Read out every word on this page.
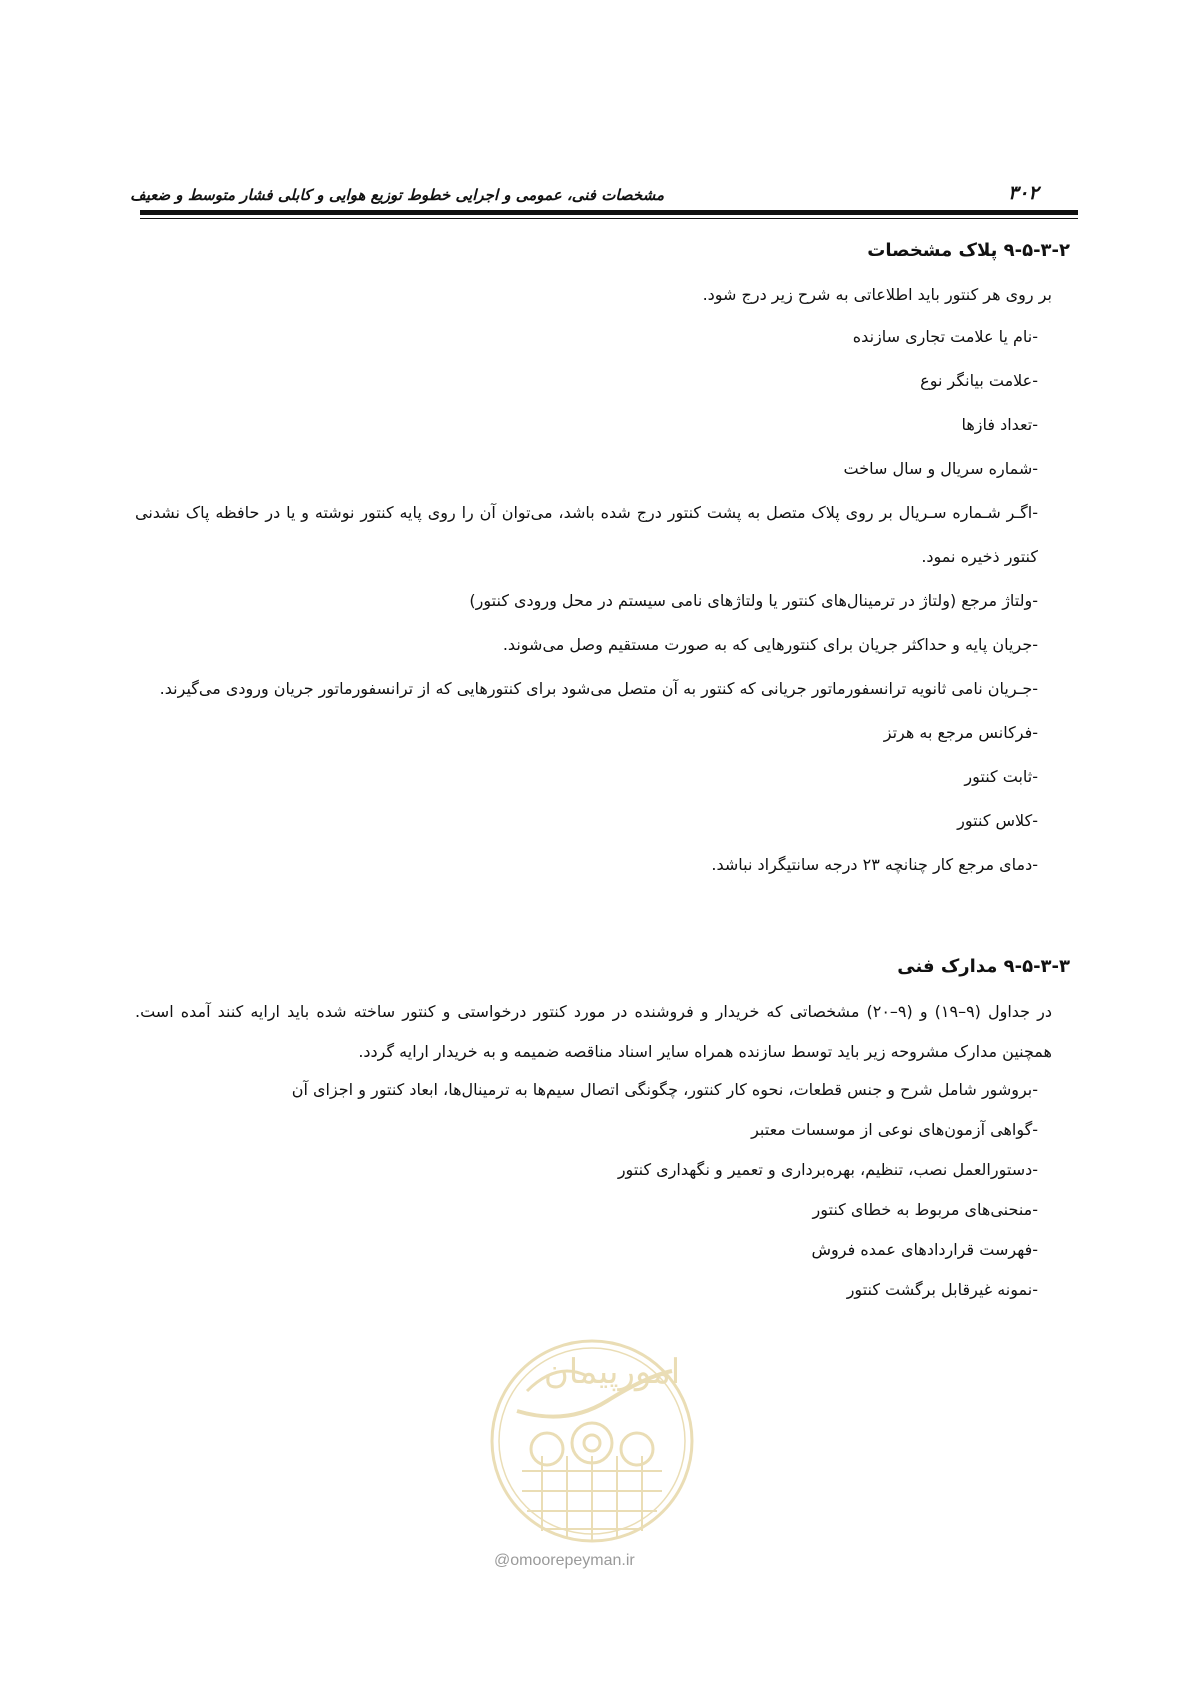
۳۰۲
مشخصات فنی، عمومی و اجرایی خطوط توزیع هوایی و کابلی فشار متوسط و ضعیف
۹-۵-۳-۲ پلاک مشخصات
بر روی هر کنتور باید اطلاعاتی به شرح زیر درج شود.
-نام یا علامت تجاری سازنده
-علامت بیانگر نوع
-تعداد فازها
-شماره سریال و سال ساخت
-اگـر شـماره سـریال بر روی پلاک متصل به پشت کنتور درج شده باشد، می‌توان آن را روی پایه کنتور نوشته و یا در حافظه پاک نشدنی کنتور ذخیره نمود.
-ولتاژ مرجع (ولتاژ در ترمینال‌های کنتور یا ولتاژهای نامی سیستم در محل ورودی کنتور)
-جریان پایه و حداکثر جریان برای کنتورهایی که به صورت مستقیم وصل می‌شوند.
-جـریان نامی ثانویه ترانسفورماتور جریانی که کنتور به آن متصل می‌شود برای کنتورهایی که از ترانسفورماتور جریان ورودی می‌گیرند.
-فرکانس مرجع به هرتز
-ثابت کنتور
-کلاس کنتور
-دمای مرجع کار چنانچه ۲۳ درجه سانتیگراد نباشد.
۹-۵-۳-۳ مدارک فنی
در جداول (۹–۱۹) و (۹–۲۰) مشخصاتی که خریدار و فروشنده در مورد کنتور درخواستی و کنتور ساخته شده باید ارایه کنند آمده است. همچنین مدارک مشروحه زیر باید توسط سازنده همراه سایر اسناد مناقصه ضمیمه و به خریدار ارایه گردد.
-بروشور شامل شرح و جنس قطعات، نحوه کار کنتور، چگونگی اتصال سیم‌ها به ترمینال‌ها، ابعاد کنتور و اجزای آن
-گواهی آزمون‌های نوعی از موسسات معتبر
-دستورالعمل نصب، تنظیم، بهره‌برداری و تعمیر و نگهداری کنتور
-منحنی‌های مربوط به خطای کنتور
-فهرست قراردادهای عمده فروش
-نمونه غیرقابل برگشت کنتور
امورپیمان
@omoorepeyman.ir
